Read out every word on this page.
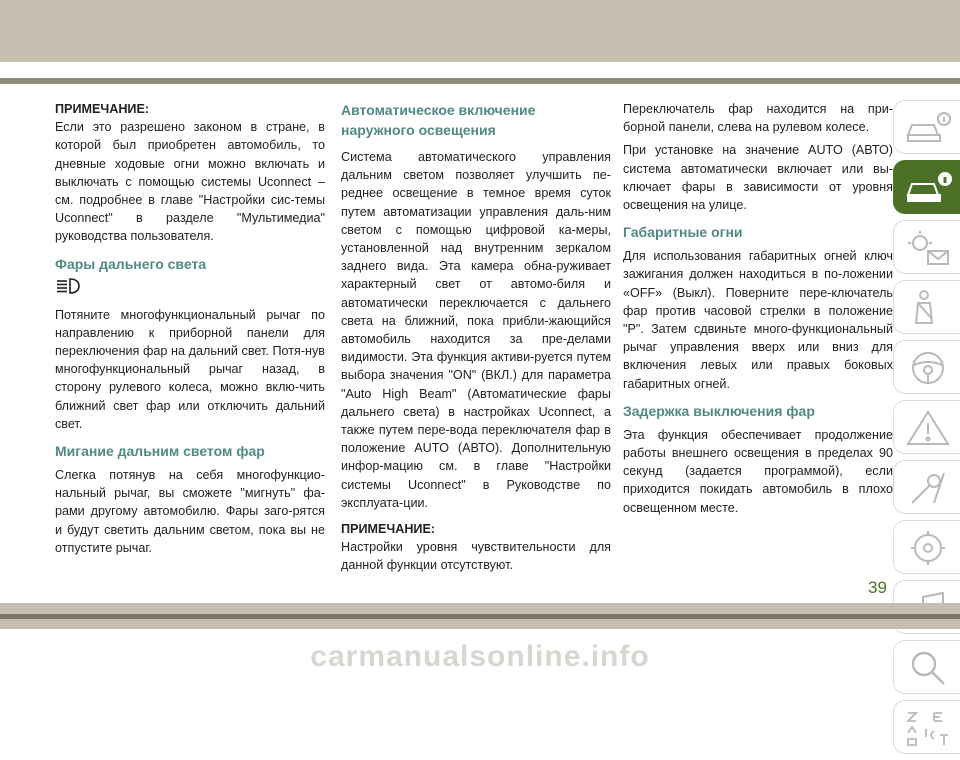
ПРИМЕЧАНИЕ:

Если это разрешено законом в стране, в которой был приобретен автомобиль, то дневные ходовые огни можно включать и выключать с помощью системы Uconnect – см. подробнее в главе "Настройки сис-темы Uconnect" в разделе "Мультимедиа" руководства пользователя.

Фары дальнего света

Потяните многофункциональный рычаг по направлению к приборной панели для переключения фар на дальний свет. Потя-нув многофункциональный рычаг назад, в сторону рулевого колеса, можно вклю-чить ближний свет фар или отключить дальний свет.

Мигание дальним светом фар

Слегка потянув на себя многофункцио-нальный рычаг, вы сможете "мигнуть" фа-рами другому автомобилю. Фары заго-рятся и будут светить дальним светом, пока вы не отпустите рычаг.

Автоматическое включение

наружного освещения

Система автоматического управления дальним светом позволяет улучшить пе-реднее освещение в темное время суток путем автоматизации управления даль-ним светом с помощью цифровой ка-меры, установленной над внутренним зеркалом заднего вида. Эта камера обна-руживает характерный свет от автомо-биля и автоматически переключается с дальнего света на ближний, пока прибли-жающийся автомобиль находится за пре-делами видимости. Эта функция активи-руется путем выбора значения "ON" (ВКЛ.) для параметра "Auto High Beam" (Автоматические фары дальнего света) в настройках Uconnect, а также путем пере-вода переключателя фар в положение AUTO (АВТО). Дополнительную инфор-мацию см. в главе "Настройки системы Uconnect" в Руководстве по эксплуата-ции.

ПРИМЕЧАНИЕ:

Настройки уровня чувствительности для данной функции отсутствуют.

Переключатель фар находится на при-борной панели, слева на рулевом колесе.

При установке на значение AUTO (АВТО) система автоматически включает или вы-ключает фары в зависимости от уровня освещения на улице.

Габаритные огни

Для использования габаритных огней ключ зажигания должен находиться в по-ложении «OFF» (Выкл). Поверните пере-ключатель фар против часовой стрелки в положение "P". Затем сдвиньте много-функциональный рычаг управления вверх или вниз для включения левых или правых боковых габаритных огней.

Задержка выключения фар

Эта функция обеспечивает продолжение работы внешнего освещения в пределах 90 секунд (задается программой), если приходится покидать автомобиль в плохо освещенном месте.

39
carmanualsonline.info
